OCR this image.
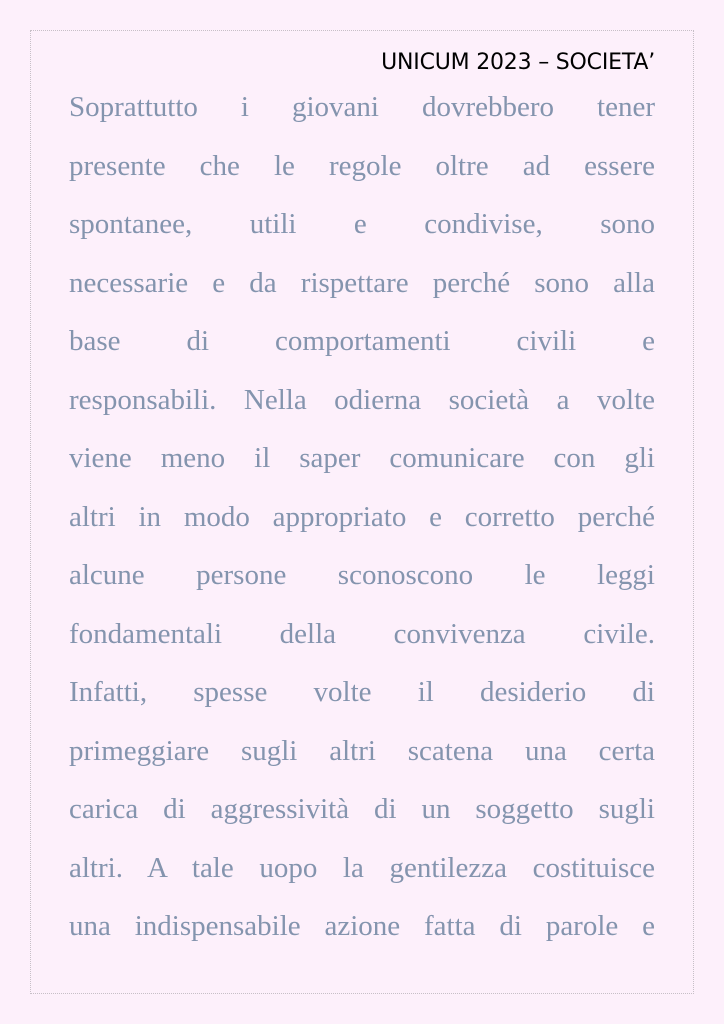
UNICUM 2023 – SOCIETA’
Soprattutto i giovani dovrebbero tener
presente che le regole oltre ad essere
spontanee, utili e condivise, sono
necessarie e da rispettare perché sono alla
base di comportamenti civili e
responsabili. Nella odierna società a volte
viene meno il saper comunicare con gli
altri in modo appropriato e corretto perché
alcune persone sconoscono le leggi
fondamentali della convivenza civile.
Infatti, spesse volte il desiderio di
primeggiare sugli altri scatena una certa
carica di aggressività di un soggetto sugli
altri. A tale uopo la gentilezza costituisce
una indispensabile azione fatta di parole e
